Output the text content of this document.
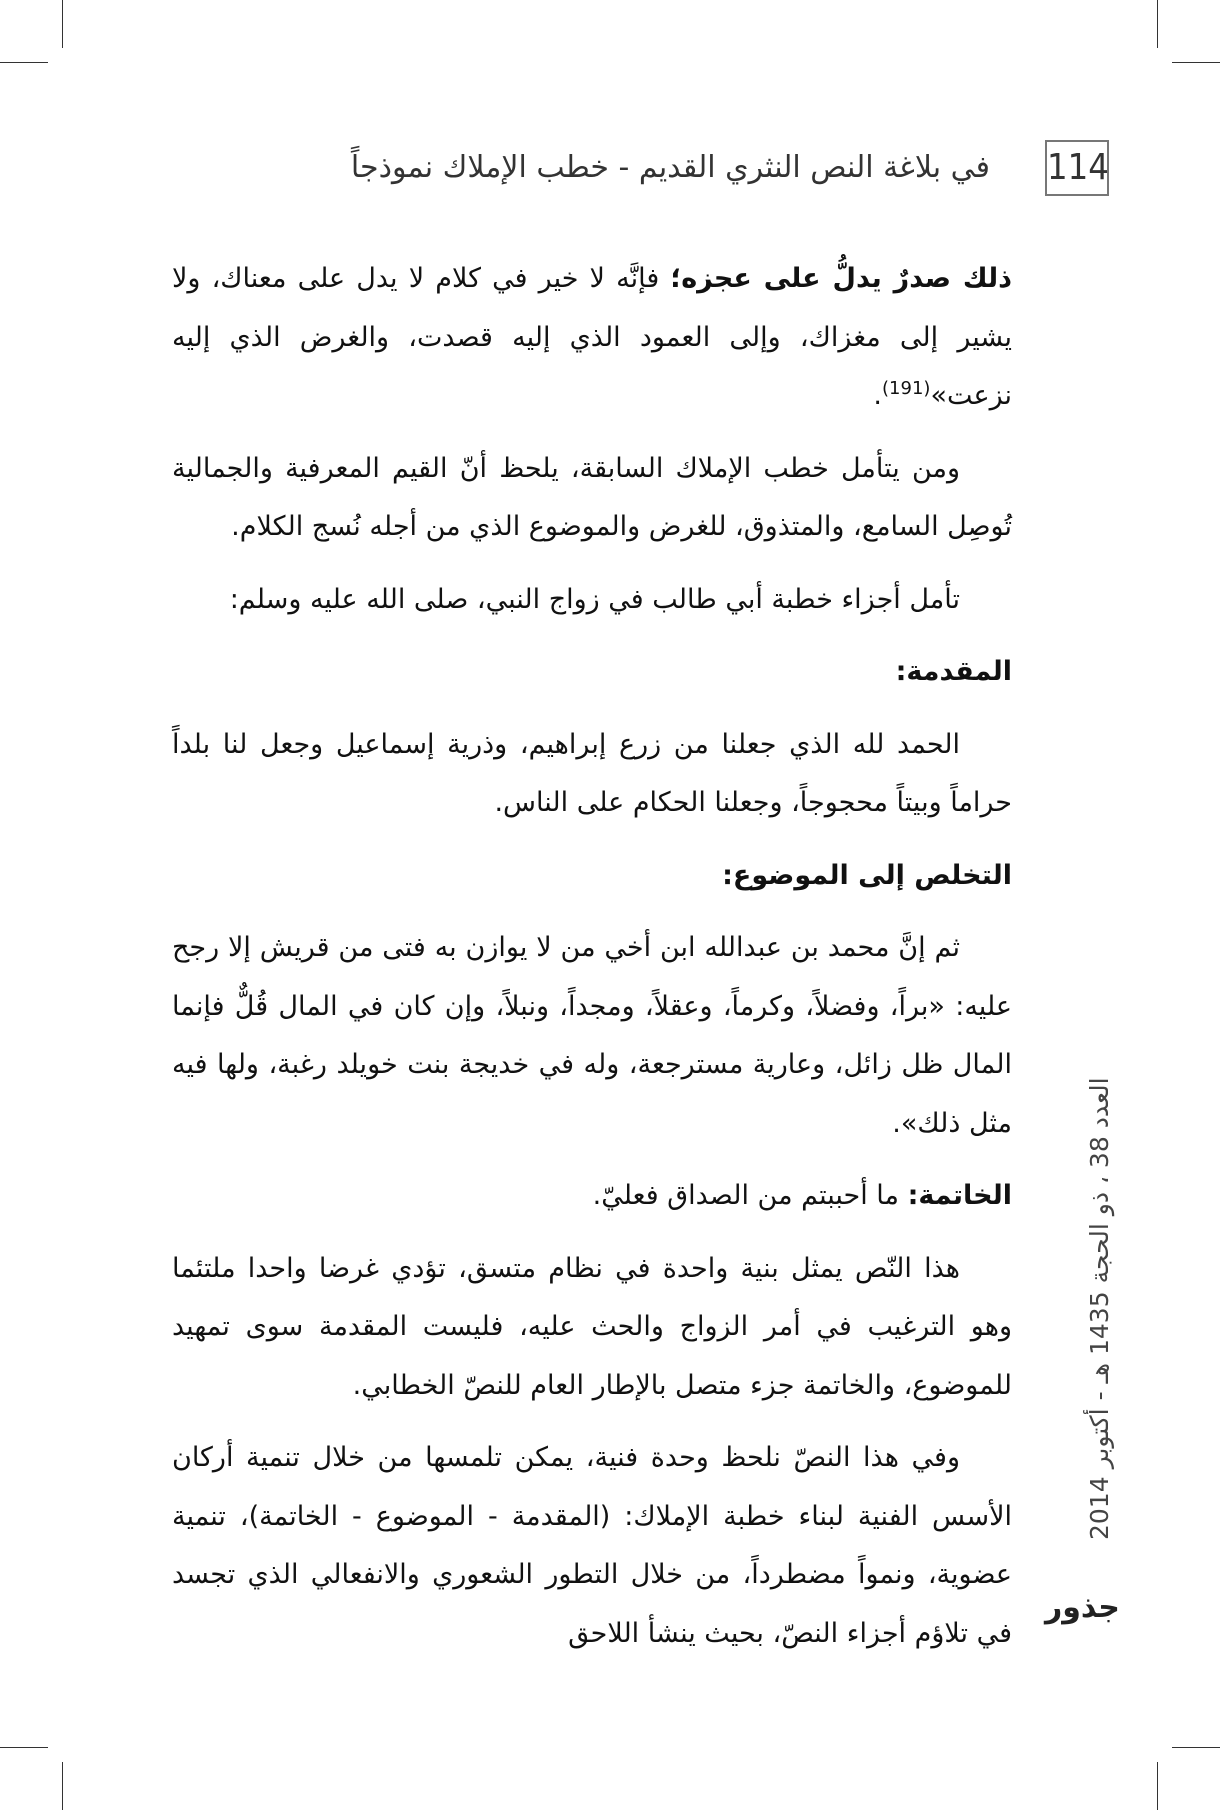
في بلاغة النص النثري القديم - خطب الإملاك نموذجاً 114

ذلك صدرٌ يدلُّ على عجزه؛ فإنَّه لا خير في كلام لا يدل على معناك، ولا يشير إلى مغزاك، وإلى العمود الذي إليه قصدت، والغرض الذي إليه نزعت»$^{(191)}$.

ومن يتأمل خطب الإملاك السابقة، يلحظ أنّ القيم المعرفية والجمالية تُوصِل السامع، والمتذوق، للغرض والموضوع الذي من أجله نُسج الكلام.

تأمل أجزاء خطبة أبي طالب في زواج النبي، صلى الله عليه وسلم:

المقدمة:

الحمد لله الذي جعلنا من زرع إبراهيم، وذرية إسماعيل وجعل لنا بلداً حراماً وبيتاً محجوجاً، وجعلنا الحكام على الناس.

التخلص إلى الموضوع:

ثم إنَّ محمد بن عبدالله ابن أخي من لا يوازن به فتى من قريش إلا رجح عليه: «براً، وفضلاً، وكرماً، وعقلاً، ومجداً، ونبلاً، وإن كان في المال قُلٌّ فإنما المال ظل زائل، وعارية مسترجعة، وله في خديجة بنت خويلد رغبة، ولها فيه مثل ذلك».

الخاتمة: ما أحببتم من الصداق فعليّ.

هذا النّص يمثل بنية واحدة في نظام متسق، تؤدي غرضا واحدا ملتئما وهو الترغيب في أمر الزواج والحث عليه، فليست المقدمة سوى تمهيد للموضوع، والخاتمة جزء متصل بالإطار العام للنصّ الخطابي.

وفي هذا النصّ نلحظ وحدة فنية، يمكن تلمسها من خلال تنمية أركان الأسس الفنية لبناء خطبة الإملاك: (المقدمة - الموضوع - الخاتمة)، تنمية عضوية، ونمواً مضطرداً، من خلال التطور الشعوري والانفعالي الذي تجسد في تلاؤم أجزاء النصّ، بحيث ينشأ اللاحق

العدد 38 ، ذو الحجة 1435 هـ - أكتوبر 2014
جذور
